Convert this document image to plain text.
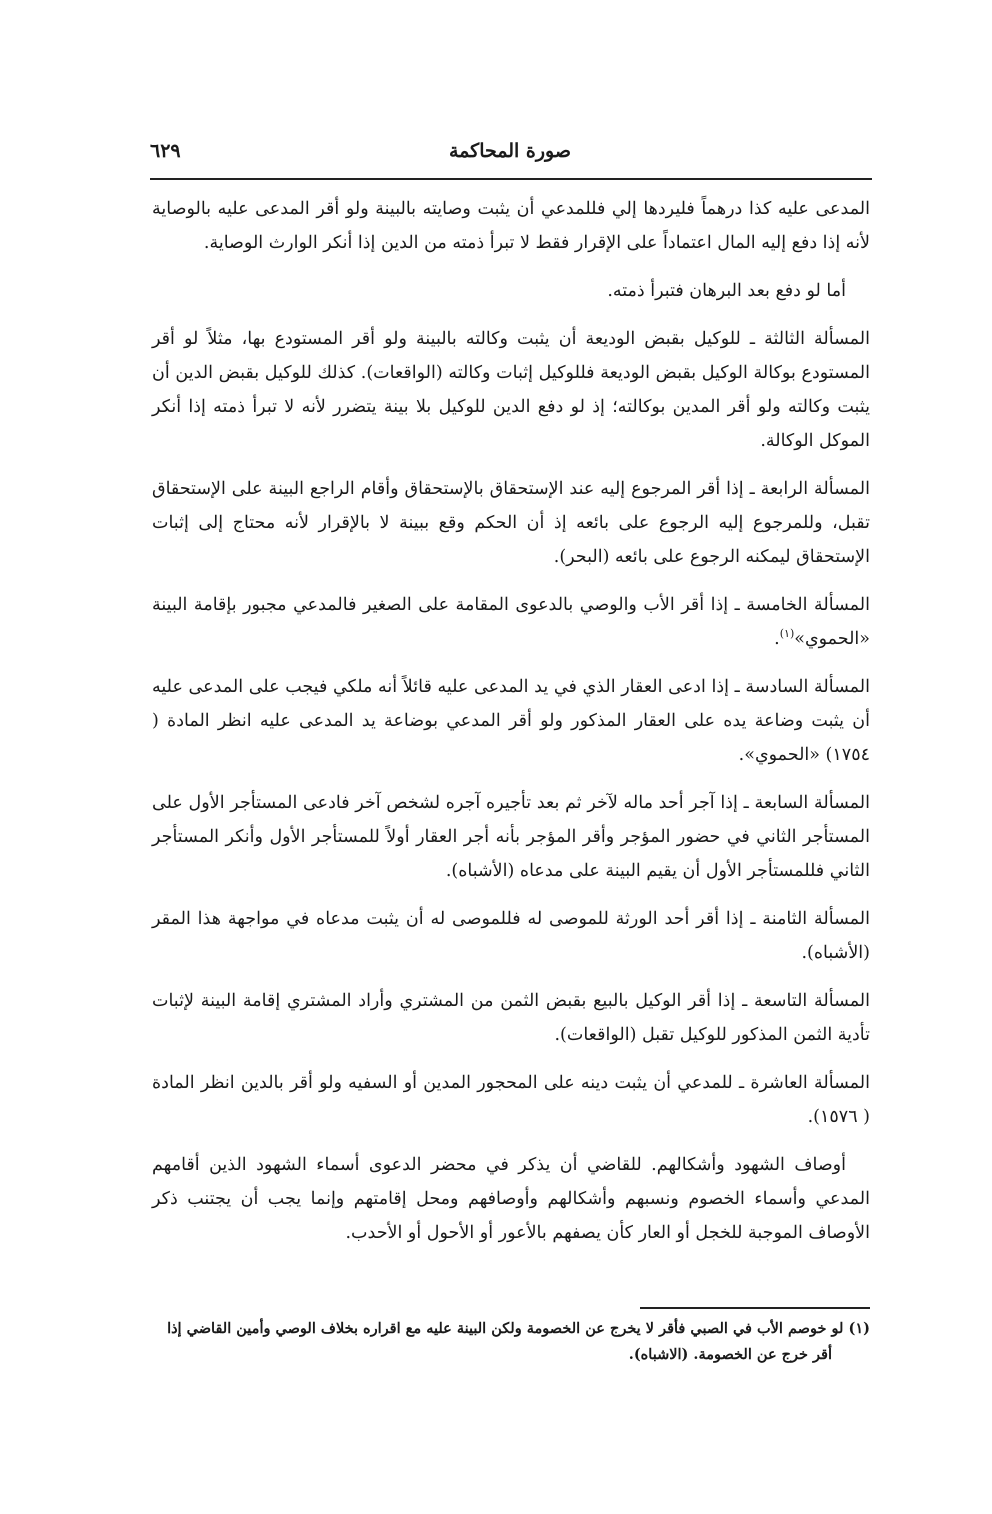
صورة المحاكمة
٦٢٩

المدعى عليه كذا درهماً فليردها إلي فللمدعي أن يثبت وصايته بالبينة ولو أقر المدعى عليه بالوصاية لأنه إذا دفع إليه المال اعتماداً على الإقرار فقط لا تبرأ ذمته من الدين إذا أنكر الوارث الوصاية.

أما لو دفع بعد البرهان فتبرأ ذمته.

المسألة الثالثة ـ للوكيل بقبض الوديعة أن يثبت وكالته بالبينة ولو أقر المستودع بها، مثلاً لو أقر المستودع بوكالة الوكيل بقبض الوديعة فللوكيل إثبات وكالته (الواقعات). كذلك للوكيل بقبض الدين أن يثبت وكالته ولو أقر المدين بوكالته؛ إذ لو دفع الدين للوكيل بلا بينة يتضرر لأنه لا تبرأ ذمته إذا أنكر الموكل الوكالة.

المسألة الرابعة ـ إذا أقر المرجوع إليه عند الإستحقاق بالإستحقاق وأقام الراجع البينة على الإستحقاق تقبل، وللمرجوع إليه الرجوع على بائعه إذ أن الحكم وقع ببينة لا بالإقرار لأنه محتاج إلى إثبات الإستحقاق ليمكنه الرجوع على بائعه (البحر).

المسألة الخامسة ـ إذا أقر الأب والوصي بالدعوى المقامة على الصغير فالمدعي مجبور بإقامة البينة «الحموي»$^{(١)}$.

المسألة السادسة ـ إذا ادعى العقار الذي في يد المدعى عليه قائلاً أنه ملكي فيجب على المدعى عليه أن يثبت وضاعة يده على العقار المذكور ولو أقر المدعي بوضاعة يد المدعى عليه انظر المادة ( ١٧٥٤) «الحموي».

المسألة السابعة ـ إذا آجر أحد ماله لآخر ثم بعد تأجيره آجره لشخص آخر فادعى المستأجر الأول على المستأجر الثاني في حضور المؤجر وأقر المؤجر بأنه أجر العقار أولاً للمستأجر الأول وأنكر المستأجر الثاني فللمستأجر الأول أن يقيم البينة على مدعاه (الأشباه).

المسألة الثامنة ـ إذا أقر أحد الورثة للموصى له فللموصى له أن يثبت مدعاه في مواجهة هذا المقر (الأشباه).

المسألة التاسعة ـ إذا أقر الوكيل بالبيع بقبض الثمن من المشتري وأراد المشتري إقامة البينة لإثبات تأدية الثمن المذكور للوكيل تقبل (الواقعات).

المسألة العاشرة ـ للمدعي أن يثبت دينه على المحجور المدين أو السفيه ولو أقر بالدين انظر المادة ( ١٥٧٦).

أوصاف الشهود وأشكالهم. للقاضي أن يذكر في محضر الدعوى أسماء الشهود الذين أقامهم المدعي وأسماء الخصوم ونسبهم وأشكالهم وأوصافهم ومحل إقامتهم وإنما يجب أن يجتنب ذكر الأوصاف الموجبة للخجل أو العار كأن يصفهم بالأعور أو الأحول أو الأحدب.

(١) لو خوصم الأب في الصبي فأقر لا يخرج عن الخصومة ولكن البينة عليه مع اقراره بخلاف الوصي وأمين القاضي إذا أقر خرج عن الخصومة. (الاشباه).
